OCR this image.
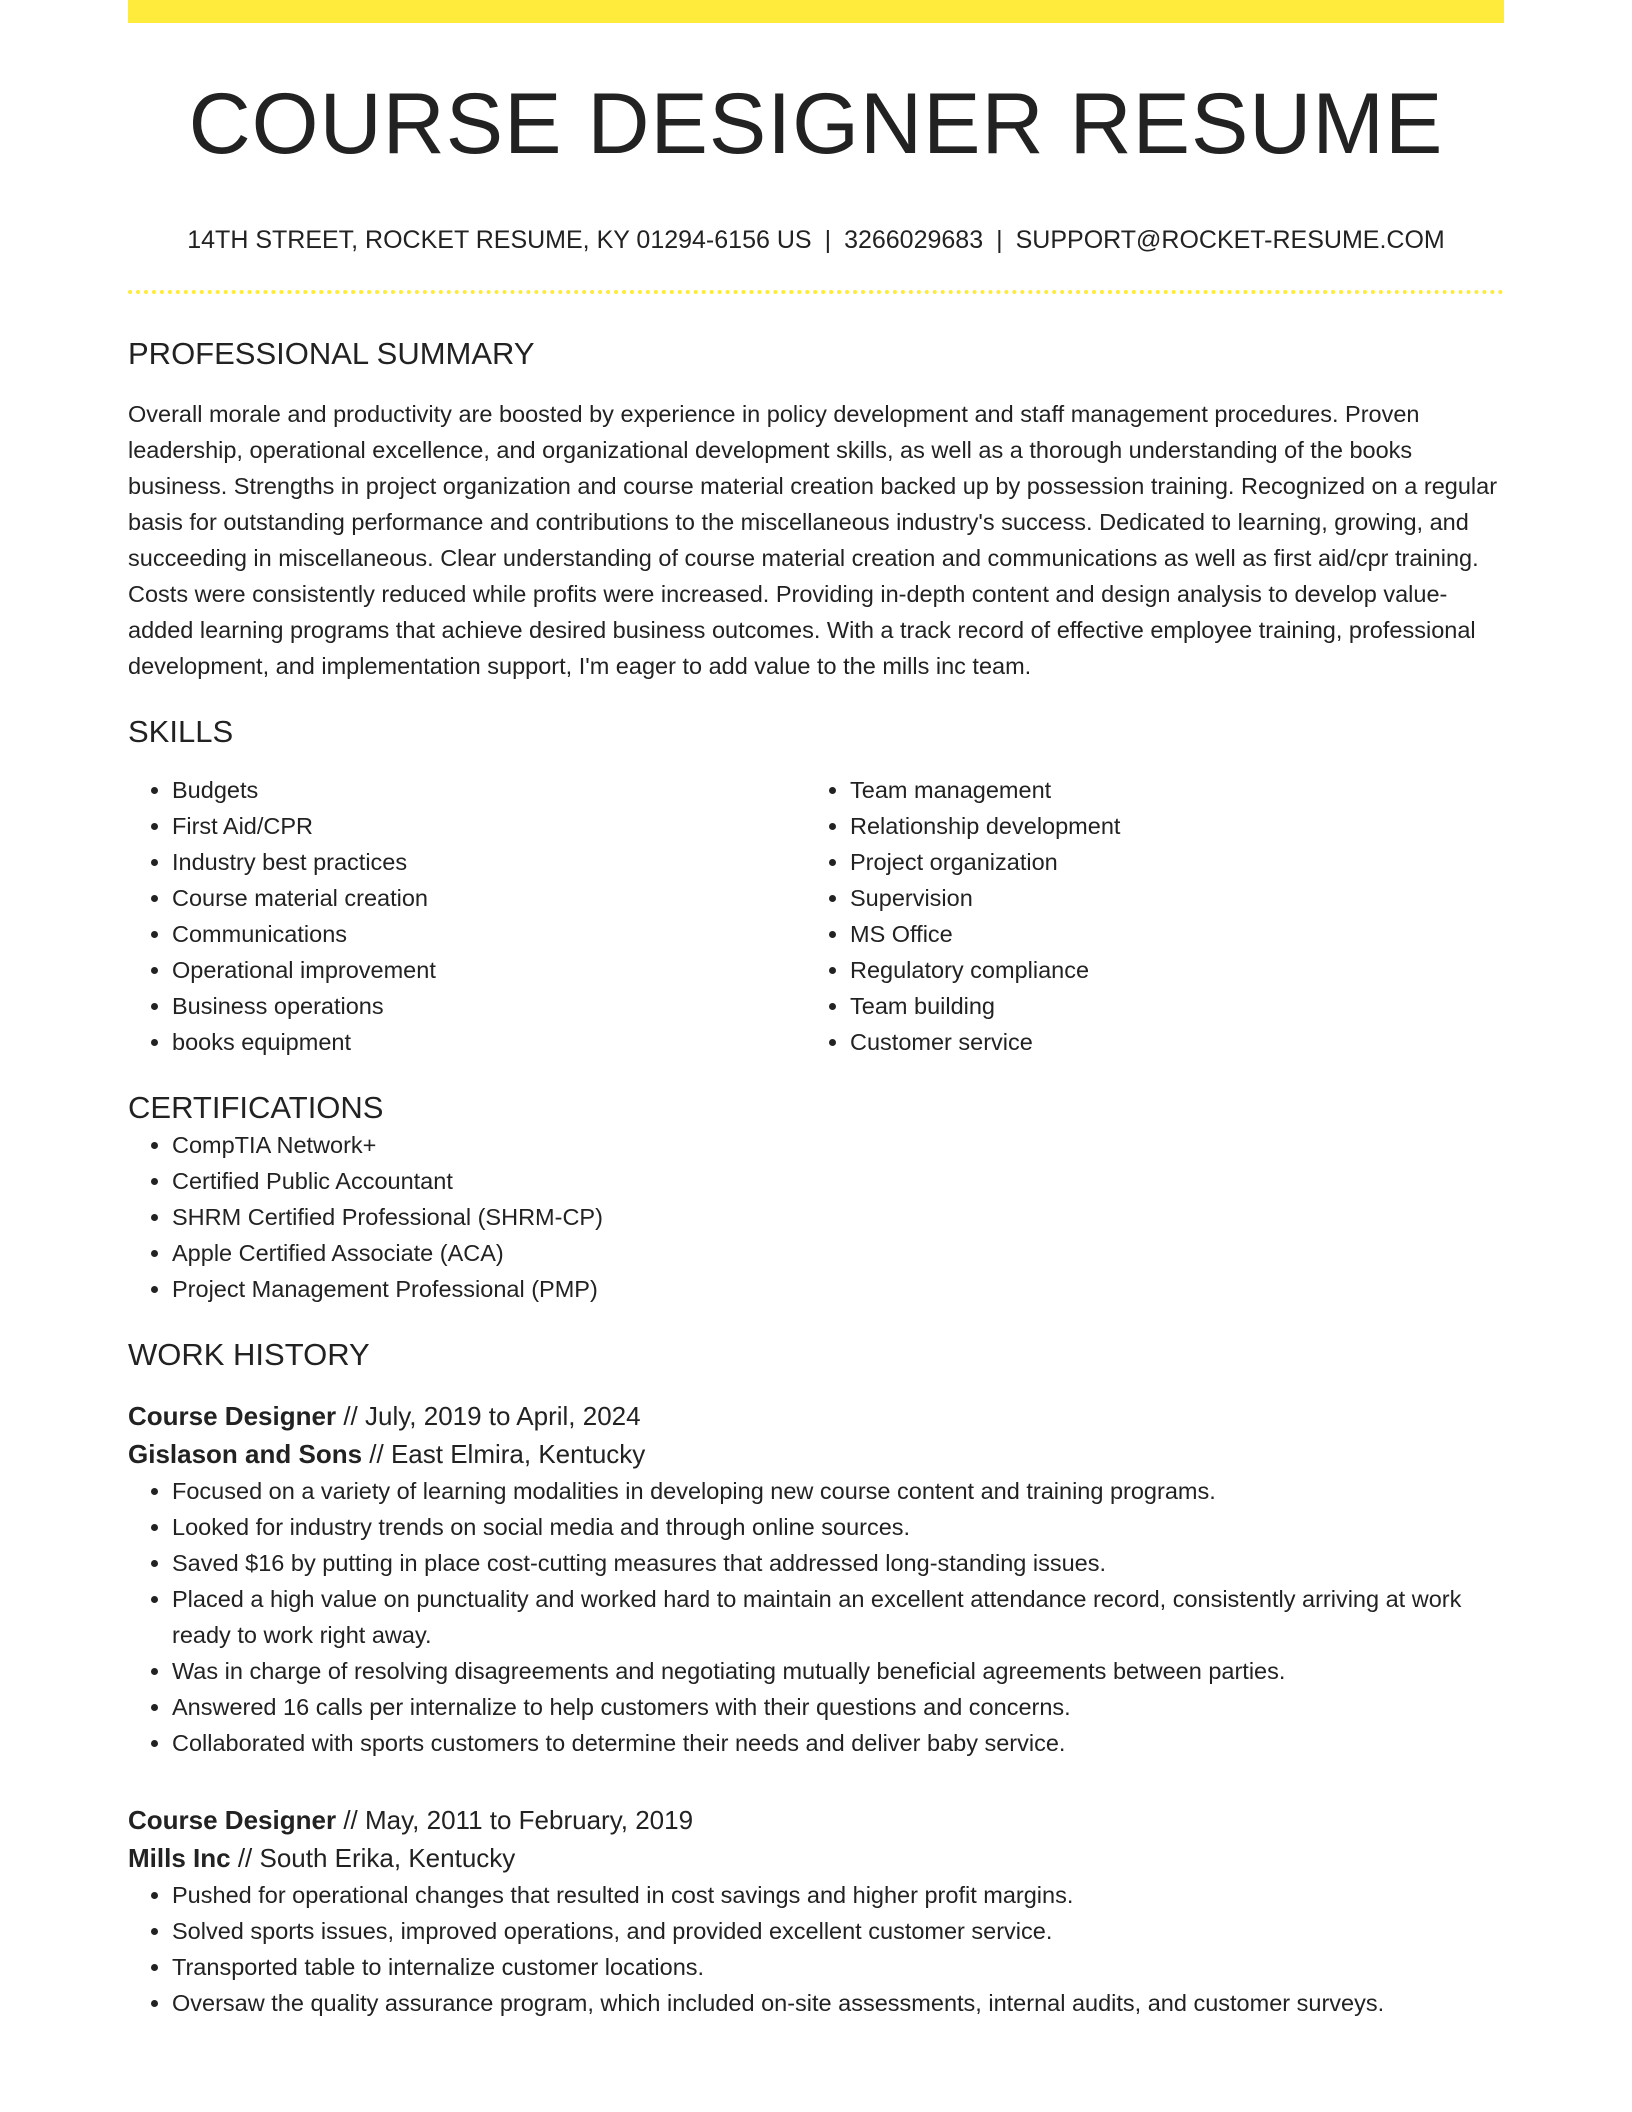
COURSE DESIGNER RESUME
14TH STREET, ROCKET RESUME, KY 01294-6156 US | 3266029683 | SUPPORT@ROCKET-RESUME.COM
PROFESSIONAL SUMMARY

Overall morale and productivity are boosted by experience in policy development and staff management procedures. Proven leadership, operational excellence, and organizational development skills, as well as a thorough understanding of the books business. Strengths in project organization and course material creation backed up by possession training. Recognized on a regular basis for outstanding performance and contributions to the miscellaneous industry's success. Dedicated to learning, growing, and succeeding in miscellaneous. Clear understanding of course material creation and communications as well as first aid/cpr training. Costs were consistently reduced while profits were increased. Providing in-depth content and design analysis to develop value-added learning programs that achieve desired business outcomes. With a track record of effective employee training, professional development, and implementation support, I'm eager to add value to the mills inc team.

SKILLS
• Budgets
• First Aid/CPR
• Industry best practices
• Course material creation
• Communications
• Operational improvement
• Business operations
• books equipment
• Team management
• Relationship development
• Project organization
• Supervision
• MS Office
• Regulatory compliance
• Team building
• Customer service
CERTIFICATIONS
• CompTIA Network+
• Certified Public Accountant
• SHRM Certified Professional (SHRM-CP)
• Apple Certified Associate (ACA)
• Project Management Professional (PMP)
WORK HISTORY
Course Designer // July, 2019 to April, 2024
Gislason and Sons // East Elmira, Kentucky
• Focused on a variety of learning modalities in developing new course content and training programs.
• Looked for industry trends on social media and through online sources.
• Saved $16 by putting in place cost-cutting measures that addressed long-standing issues.
• Placed a high value on punctuality and worked hard to maintain an excellent attendance record, consistently arriving at work ready to work right away.
• Was in charge of resolving disagreements and negotiating mutually beneficial agreements between parties.
• Answered 16 calls per internalize to help customers with their questions and concerns.
• Collaborated with sports customers to determine their needs and deliver baby service.
Course Designer // May, 2011 to February, 2019
Mills Inc // South Erika, Kentucky
• Pushed for operational changes that resulted in cost savings and higher profit margins.
• Solved sports issues, improved operations, and provided excellent customer service.
• Transported table to internalize customer locations.
• Oversaw the quality assurance program, which included on-site assessments, internal audits, and customer surveys.
